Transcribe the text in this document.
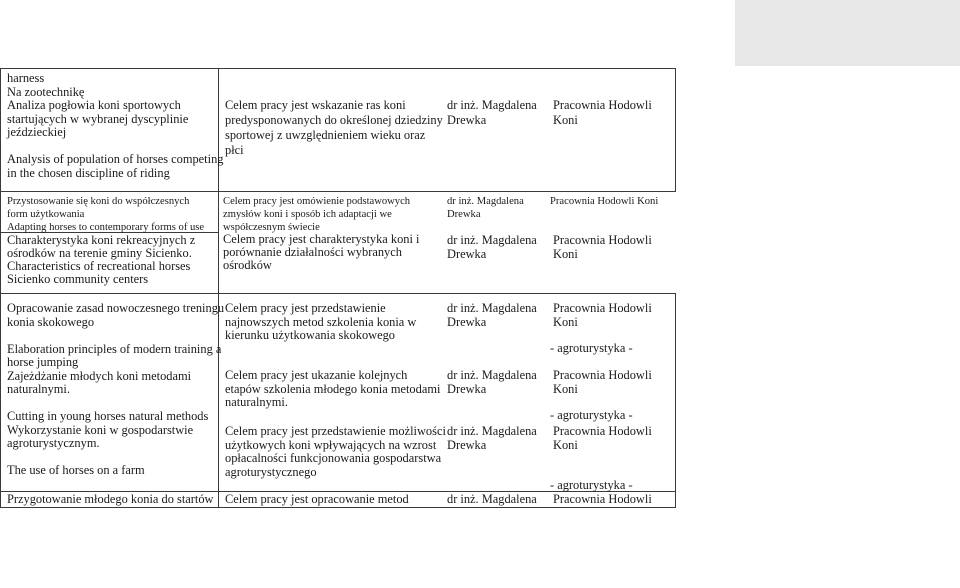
harness
Na zootechnikę
Analiza pogłowia koni sportowych
startujących w wybranej dyscyplinie
jeździeckiej
Analysis of population of horses competing
in the chosen discipline of riding
Celem pracy jest wskazanie ras koni
predysponowanych do określonej dziedziny
sportowej z uwzględnieniem wieku oraz
płci
dr inż. Magdalena
Drewka
Pracownia Hodowli
Koni
Przystosowanie się koni do współczesnych
form użytkowania
Adapting horses to contemporary forms of use
Charakterystyka koni rekreacyjnych z
ośrodków na terenie gminy Sicienko.
Characteristics of recreational horses
Sicienko community centers
Celem pracy jest omówienie podstawowych
zmysłów koni i sposób ich adaptacji we
współczesnym świecie
Celem pracy jest charakterystyka koni i
porównanie działalności wybranych
ośrodków
dr inż. Magdalena
Drewka
dr inż. Magdalena
Drewka
Pracownia Hodowli Koni
Pracownia Hodowli
Koni
Opracowanie zasad nowoczesnego treningu
konia skokowego
Elaboration principles of modern training a
horse jumping
Zajeżdżanie młodych koni metodami
naturalnymi.
Cutting in young horses natural methods
Wykorzystanie koni w gospodarstwie
agroturystycznym.
The use of horses on a farm
Celem pracy jest przedstawienie
najnowszych metod szkolenia konia w
kierunku użytkowania skokowego
Celem pracy jest ukazanie kolejnych
etapów szkolenia młodego konia metodami
naturalnymi.
Celem pracy jest przedstawienie możliwości
użytkowych koni wpływających na wzrost
opłacalności funkcjonowania gospodarstwa
agroturystycznego
dr inż. Magdalena
Drewka
dr inż. Magdalena
Drewka
dr inż. Magdalena
Drewka
Pracownia Hodowli
Koni
- agroturystyka -
Pracownia Hodowli
Koni
- agroturystyka -
Pracownia Hodowli
Koni
- agroturystyka -
Przygotowanie młodego konia do startów Celem pracy jest opracowanie metod	dr inż. Magdalena Pracownia Hodowli
